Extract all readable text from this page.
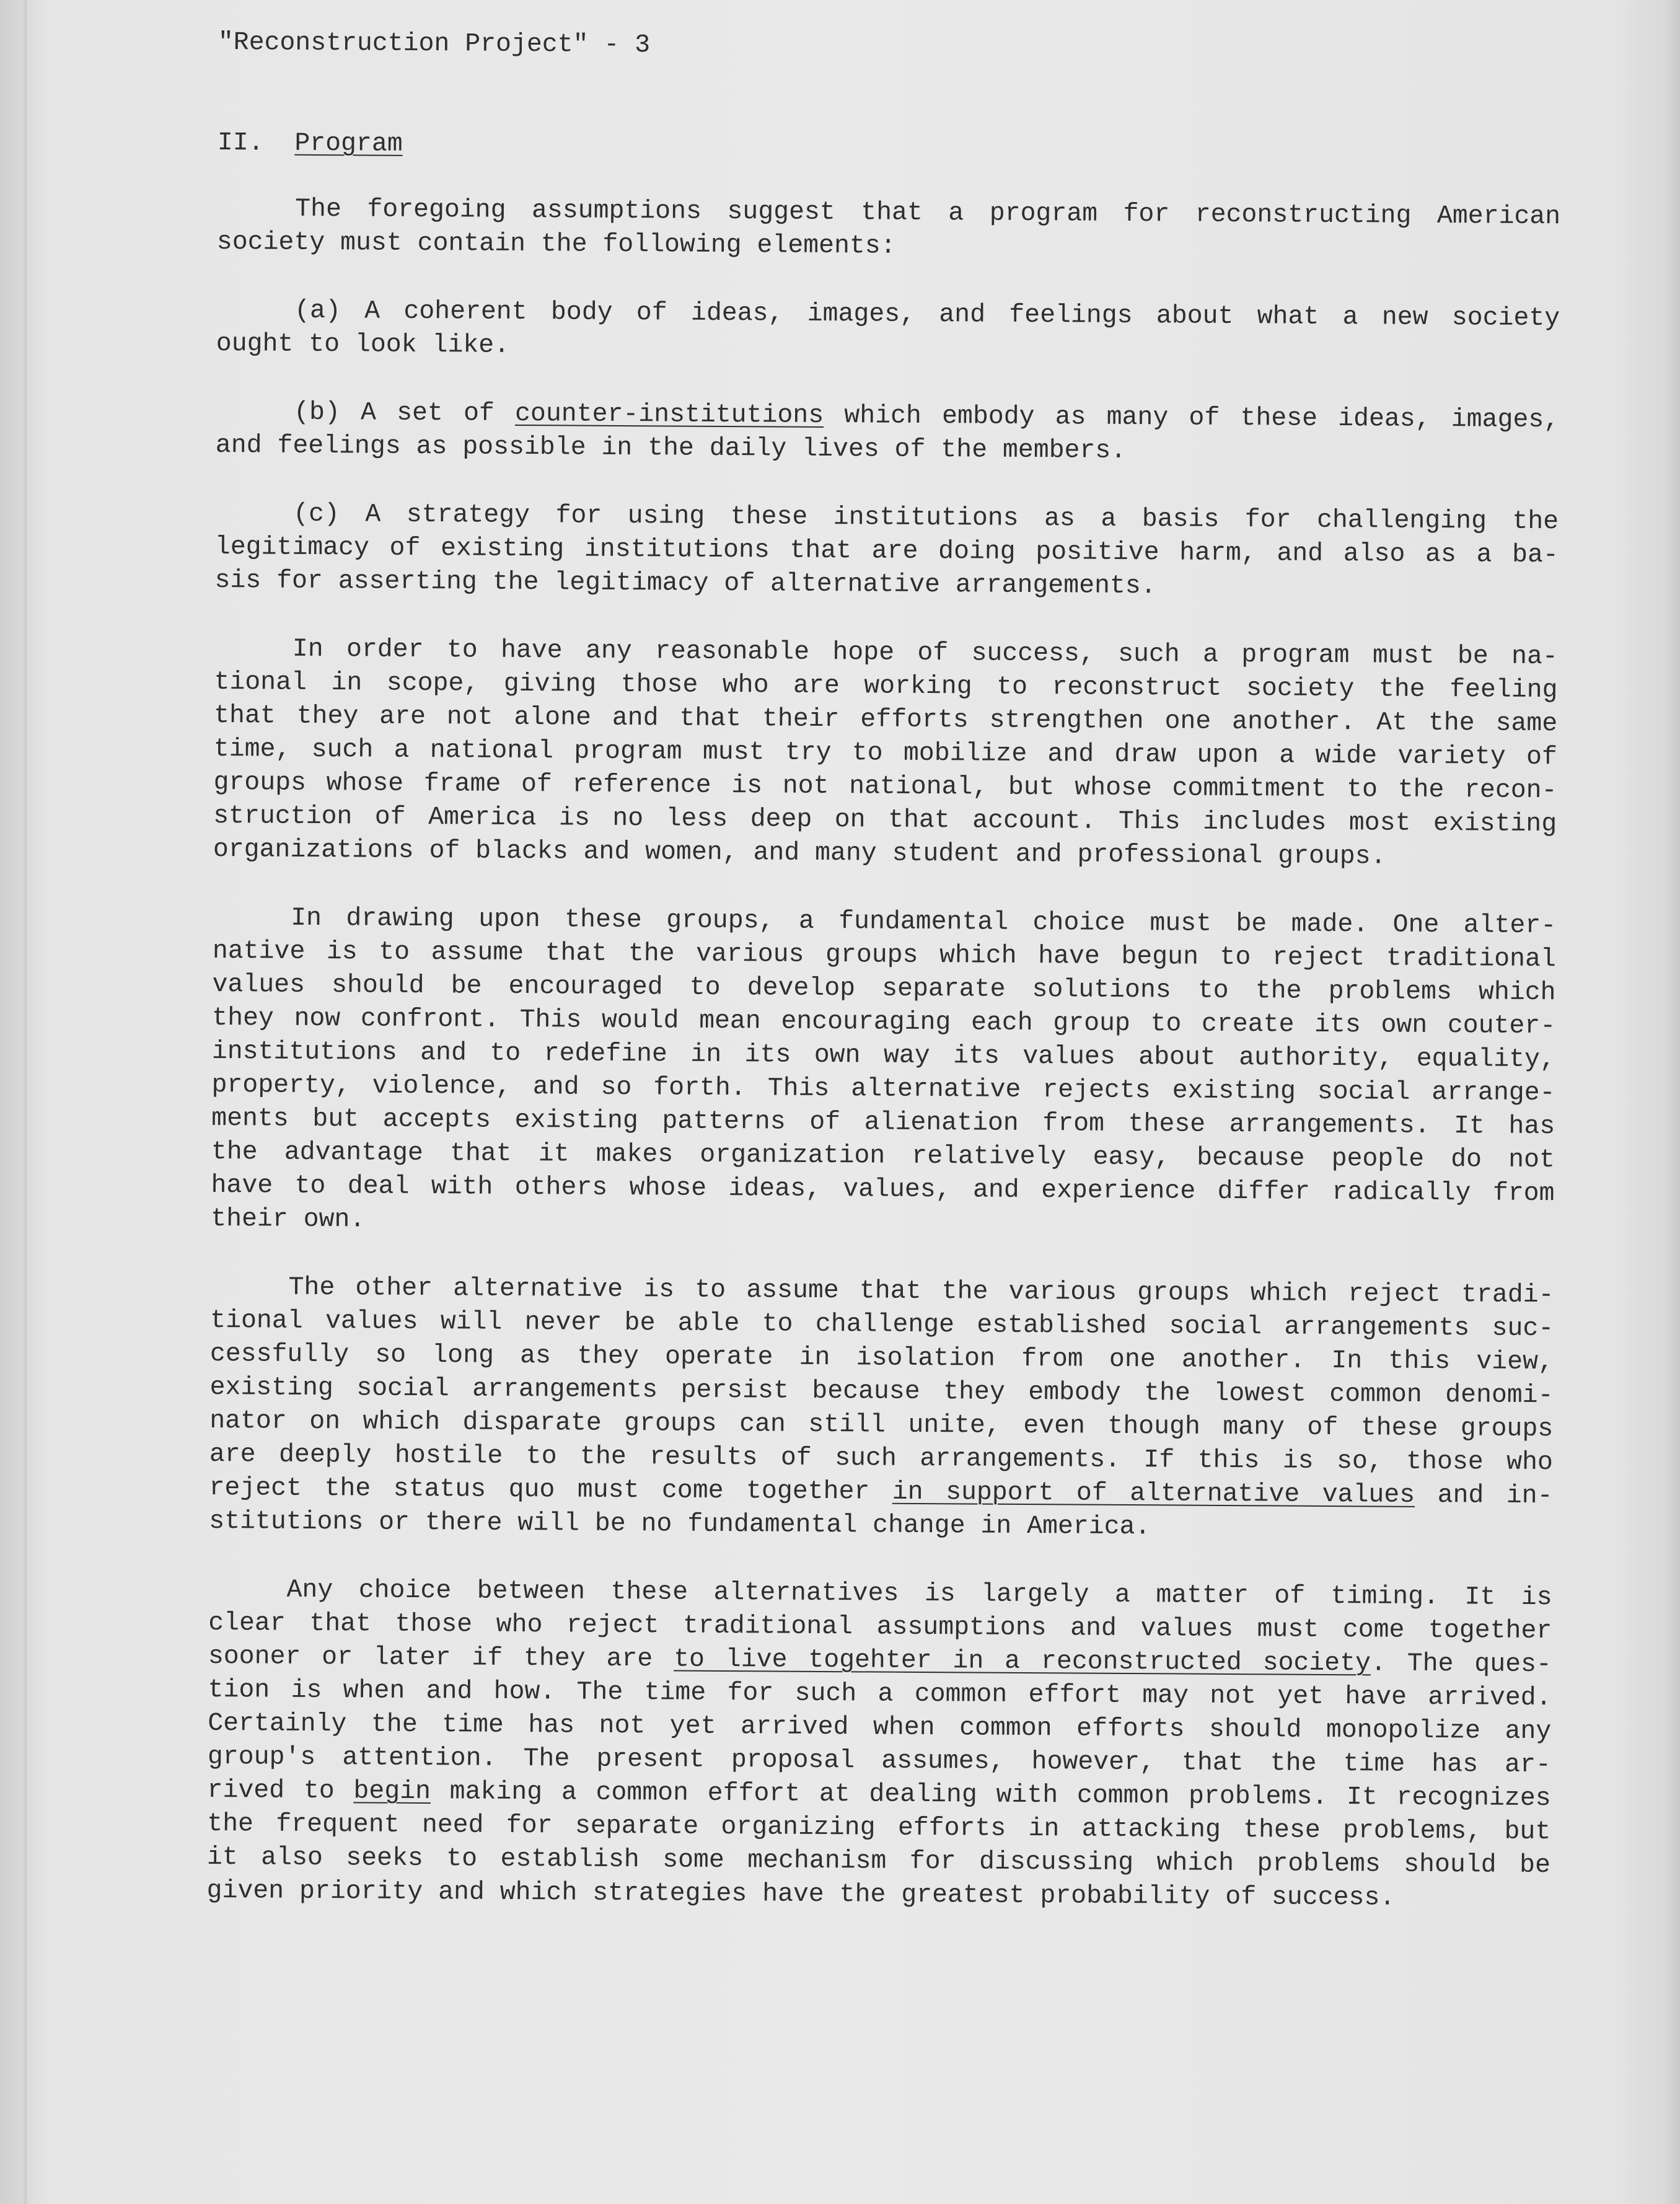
"Reconstruction Project" - 3
II. Program
The foregoing assumptions suggest that a program for reconstructing American
society must contain the following elements:
(a) A coherent body of ideas, images, and feelings about what a new society
ought to look like.
(b) A set of counter-institutions which embody as many of these ideas, images,
and feelings as possible in the daily lives of the members.
(c) A strategy for using these institutions as a basis for challenging the
legitimacy of existing institutions that are doing positive harm, and also as a ba-
sis for asserting the legitimacy of alternative arrangements.
In order to have any reasonable hope of success, such a program must be na-
tional in scope, giving those who are working to reconstruct society the feeling
that they are not alone and that their efforts strengthen one another. At the same
time, such a national program must try to mobilize and draw upon a wide variety of
groups whose frame of reference is not national, but whose commitment to the recon-
struction of America is no less deep on that account. This includes most existing
organizations of blacks and women, and many student and professional groups.
In drawing upon these groups, a fundamental choice must be made. One alter-
native is to assume that the various groups which have begun to reject traditional
values should be encouraged to develop separate solutions to the problems which
they now confront. This would mean encouraging each group to create its own couter-
institutions and to redefine in its own way its values about authority, equality,
property, violence, and so forth. This alternative rejects existing social arrange-
ments but accepts existing patterns of alienation from these arrangements. It has
the advantage that it makes organization relatively easy, because people do not
have to deal with others whose ideas, values, and experience differ radically from
their own.
The other alternative is to assume that the various groups which reject tradi-
tional values will never be able to challenge established social arrangements suc-
cessfully so long as they operate in isolation from one another. In this view,
existing social arrangements persist because they embody the lowest common denomi-
nator on which disparate groups can still unite, even though many of these groups
are deeply hostile to the results of such arrangements. If this is so, those who
reject the status quo must come together in support of alternative values and in-
stitutions or there will be no fundamental change in America.
Any choice between these alternatives is largely a matter of timing. It is
clear that those who reject traditional assumptions and values must come together
sooner or later if they are to live togehter in a reconstructed society. The ques-
tion is when and how. The time for such a common effort may not yet have arrived.
Certainly the time has not yet arrived when common efforts should monopolize any
group's attention. The present proposal assumes, however, that the time has ar-
rived to begin making a common effort at dealing with common problems. It recognizes
the frequent need for separate organizing efforts in attacking these problems, but
it also seeks to establish some mechanism for discussing which problems should be
given priority and which strategies have the greatest probability of success.
